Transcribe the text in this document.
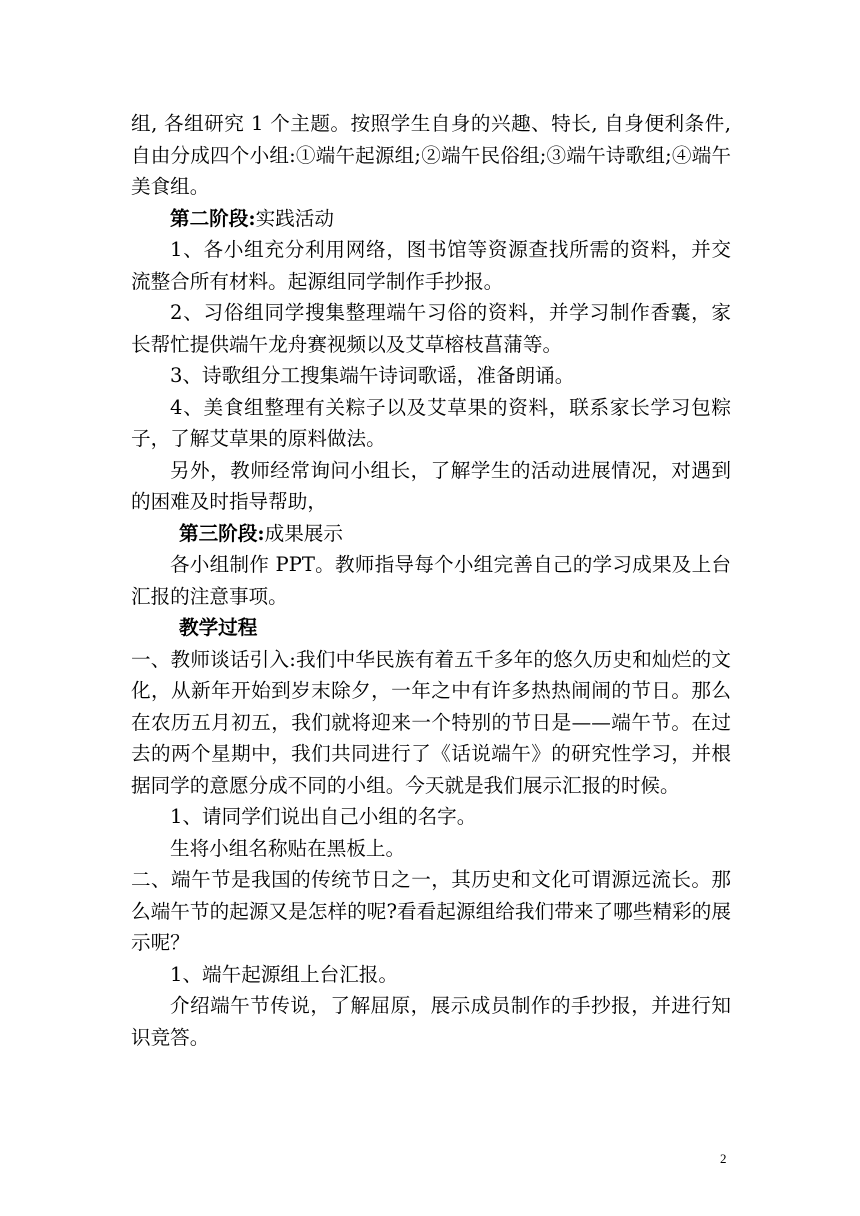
组, 各组研究 1 个主题。按照学生自身的兴趣、特长, 自身便利条件, 自由分成四个小组:①端午起源组;②端午民俗组;③端午诗歌组;④端午美食组。

第二阶段:实践活动

1、各小组充分利用网络，图书馆等资源查找所需的资料，并交流整合所有材料。起源组同学制作手抄报。

2、习俗组同学搜集整理端午习俗的资料，并学习制作香囊，家长帮忙提供端午龙舟赛视频以及艾草榕枝菖蒲等。

3、诗歌组分工搜集端午诗词歌谣，准备朗诵。

4、美食组整理有关粽子以及艾草果的资料，联系家长学习包粽子，了解艾草果的原料做法。

另外，教师经常询问小组长，了解学生的活动进展情况，对遇到的困难及时指导帮助，

第三阶段:成果展示

各小组制作 PPT。教师指导每个小组完善自己的学习成果及上台汇报的注意事项。

教学过程

一、教师谈话引入:我们中华民族有着五千多年的悠久历史和灿烂的文化，从新年开始到岁末除夕，一年之中有许多热热闹闹的节日。那么在农历五月初五，我们就将迎来一个特别的节日是——端午节。在过去的两个星期中，我们共同进行了《话说端午》的研究性学习，并根据同学的意愿分成不同的小组。今天就是我们展示汇报的时候。

1、请同学们说出自己小组的名字。

生将小组名称贴在黑板上。

二、端午节是我国的传统节日之一，其历史和文化可谓源远流长。那么端午节的起源又是怎样的呢?看看起源组给我们带来了哪些精彩的展示呢？

1、端午起源组上台汇报。

介绍端午节传说，了解屈原，展示成员制作的手抄报，并进行知识竞答。

2
